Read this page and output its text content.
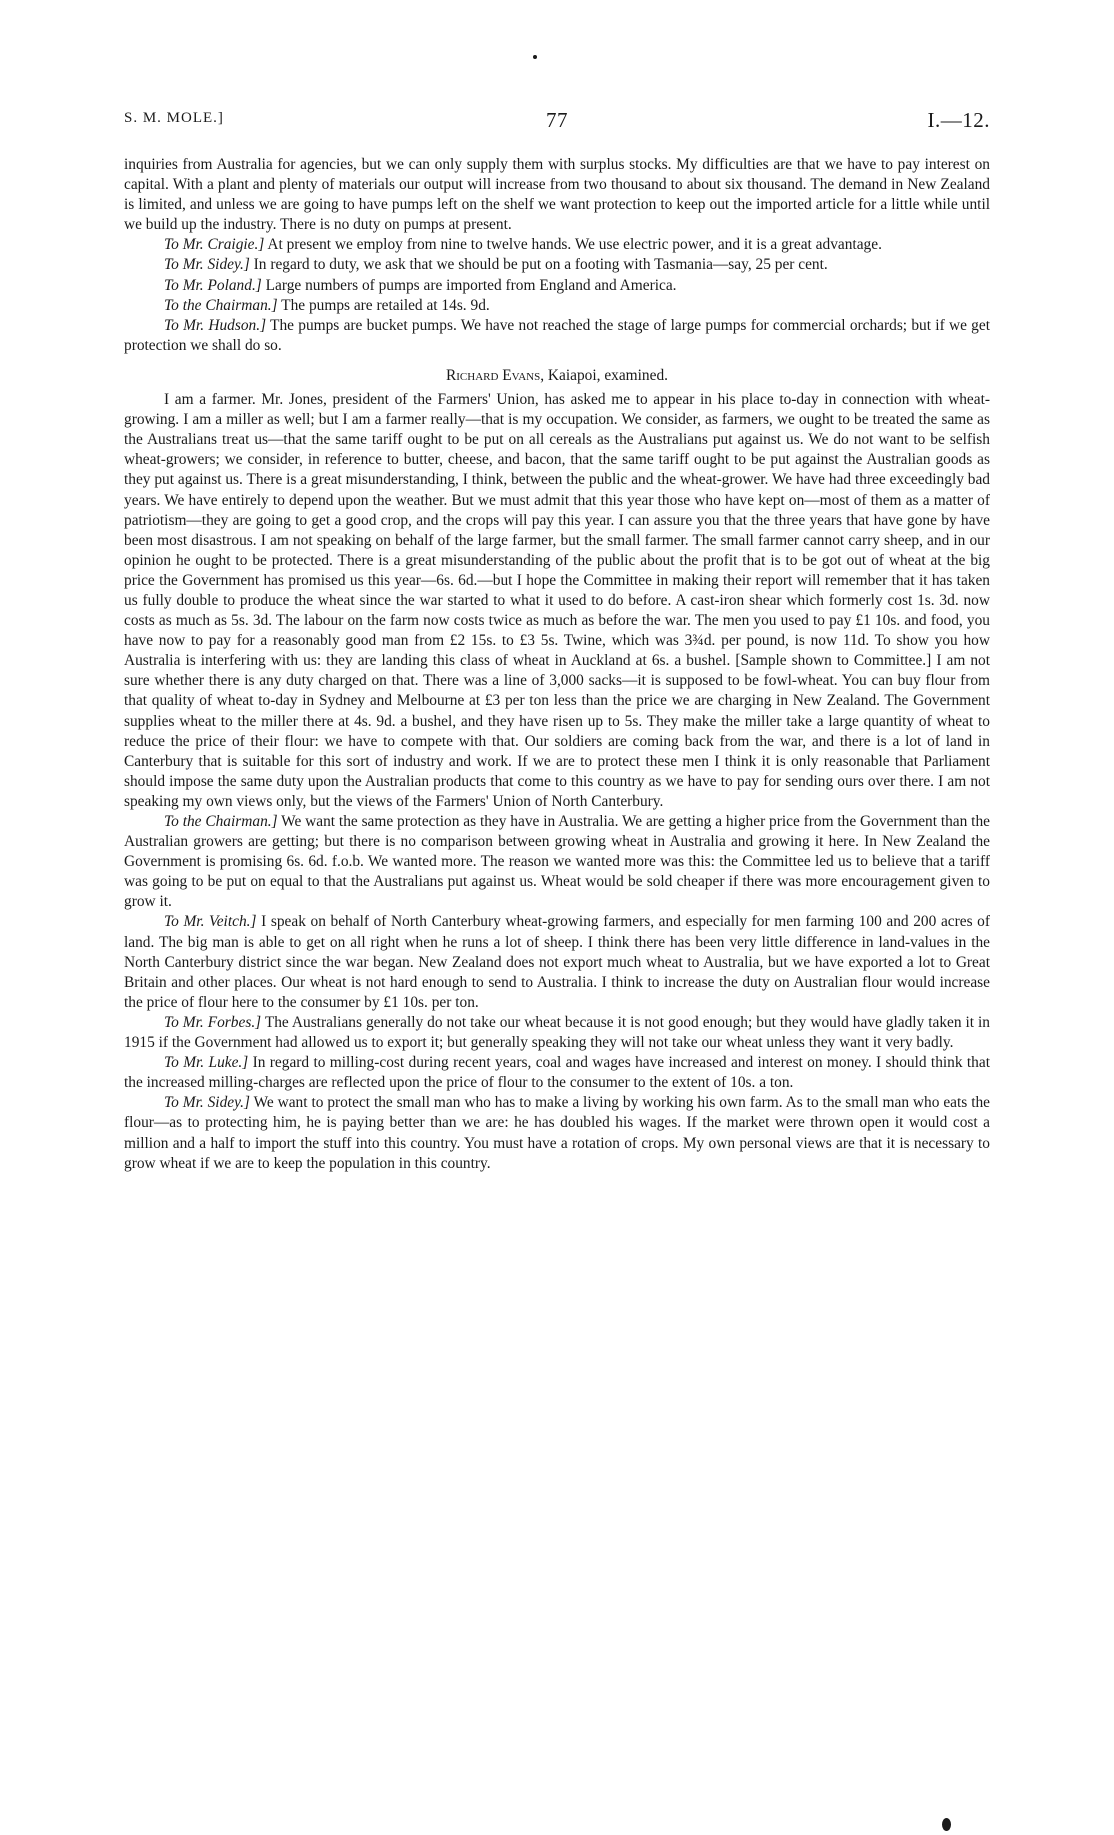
S. M. MOLE.]	77	I.—12.

inquiries from Australia for agencies, but we can only supply them with surplus stocks. My difficulties are that we have to pay interest on capital. With a plant and plenty of materials our output will increase from two thousand to about six thousand. The demand in New Zealand is limited, and unless we are going to have pumps left on the shelf we want protection to keep out the imported article for a little while until we build up the industry. There is no duty on pumps at present.

To Mr. Craigie.] At present we employ from nine to twelve hands. We use electric power, and it is a great advantage.

To Mr. Sidey.] In regard to duty, we ask that we should be put on a footing with Tasmania—say, 25 per cent.

To Mr. Poland.] Large numbers of pumps are imported from England and America.

To the Chairman.] The pumps are retailed at 14s. 9d.

To Mr. Hudson.] The pumps are bucket pumps. We have not reached the stage of large pumps for commercial orchards; but if we get protection we shall do so.

Richard Evans, Kaiapoi, examined.

I am a farmer. Mr. Jones, president of the Farmers' Union, has asked me to appear in his place to-day in connection with wheat-growing. I am a miller as well; but I am a farmer really—that is my occupation. We consider, as farmers, we ought to be treated the same as the Australians treat us—that the same tariff ought to be put on all cereals as the Australians put against us. We do not want to be selfish wheat-growers; we consider, in reference to butter, cheese, and bacon, that the same tariff ought to be put against the Australian goods as they put against us. There is a great misunderstanding, I think, between the public and the wheat-grower. We have had three exceedingly bad years. We have entirely to depend upon the weather. But we must admit that this year those who have kept on—most of them as a matter of patriotism—they are going to get a good crop, and the crops will pay this year. I can assure you that the three years that have gone by have been most disastrous. I am not speaking on behalf of the large farmer, but the small farmer. The small farmer cannot carry sheep, and in our opinion he ought to be protected. There is a great misunderstanding of the public about the profit that is to be got out of wheat at the big price the Government has promised us this year—6s. 6d.—but I hope the Committee in making their report will remember that it has taken us fully double to produce the wheat since the war started to what it used to do before. A cast-iron shear which formerly cost 1s. 3d. now costs as much as 5s. 3d. The labour on the farm now costs twice as much as before the war. The men you used to pay £1 10s. and food, you have now to pay for a reasonably good man from £2 15s. to £3 5s. Twine, which was 3¾d. per pound, is now 11d. To show you how Australia is interfering with us: they are landing this class of wheat in Auckland at 6s. a bushel. [Sample shown to Committee.] I am not sure whether there is any duty charged on that. There was a line of 3,000 sacks—it is supposed to be fowl-wheat. You can buy flour from that quality of wheat to-day in Sydney and Melbourne at £3 per ton less than the price we are charging in New Zealand. The Government supplies wheat to the miller there at 4s. 9d. a bushel, and they have risen up to 5s. They make the miller take a large quantity of wheat to reduce the price of their flour: we have to compete with that. Our soldiers are coming back from the war, and there is a lot of land in Canterbury that is suitable for this sort of industry and work. If we are to protect these men I think it is only reasonable that Parliament should impose the same duty upon the Australian products that come to this country as we have to pay for sending ours over there. I am not speaking my own views only, but the views of the Farmers' Union of North Canterbury.

To the Chairman.] We want the same protection as they have in Australia. We are getting a higher price from the Government than the Australian growers are getting; but there is no comparison between growing wheat in Australia and growing it here. In New Zealand the Government is promising 6s. 6d. f.o.b. We wanted more. The reason we wanted more was this: the Committee led us to believe that a tariff was going to be put on equal to that the Australians put against us. Wheat would be sold cheaper if there was more encouragement given to grow it.

To Mr. Veitch.] I speak on behalf of North Canterbury wheat-growing farmers, and especially for men farming 100 and 200 acres of land. The big man is able to get on all right when he runs a lot of sheep. I think there has been very little difference in land-values in the North Canterbury district since the war began. New Zealand does not export much wheat to Australia, but we have exported a lot to Great Britain and other places. Our wheat is not hard enough to send to Australia. I think to increase the duty on Australian flour would increase the price of flour here to the consumer by £1 10s. per ton.

To Mr. Forbes.] The Australians generally do not take our wheat because it is not good enough; but they would have gladly taken it in 1915 if the Government had allowed us to export it; but generally speaking they will not take our wheat unless they want it very badly.

To Mr. Luke.] In regard to milling-cost during recent years, coal and wages have increased and interest on money. I should think that the increased milling-charges are reflected upon the price of flour to the consumer to the extent of 10s. a ton.

To Mr. Sidey.] We want to protect the small man who has to make a living by working his own farm. As to the small man who eats the flour—as to protecting him, he is paying better than we are: he has doubled his wages. If the market were thrown open it would cost a million and a half to import the stuff into this country. You must have a rotation of crops. My own personal views are that it is necessary to grow wheat if we are to keep the population in this country.
